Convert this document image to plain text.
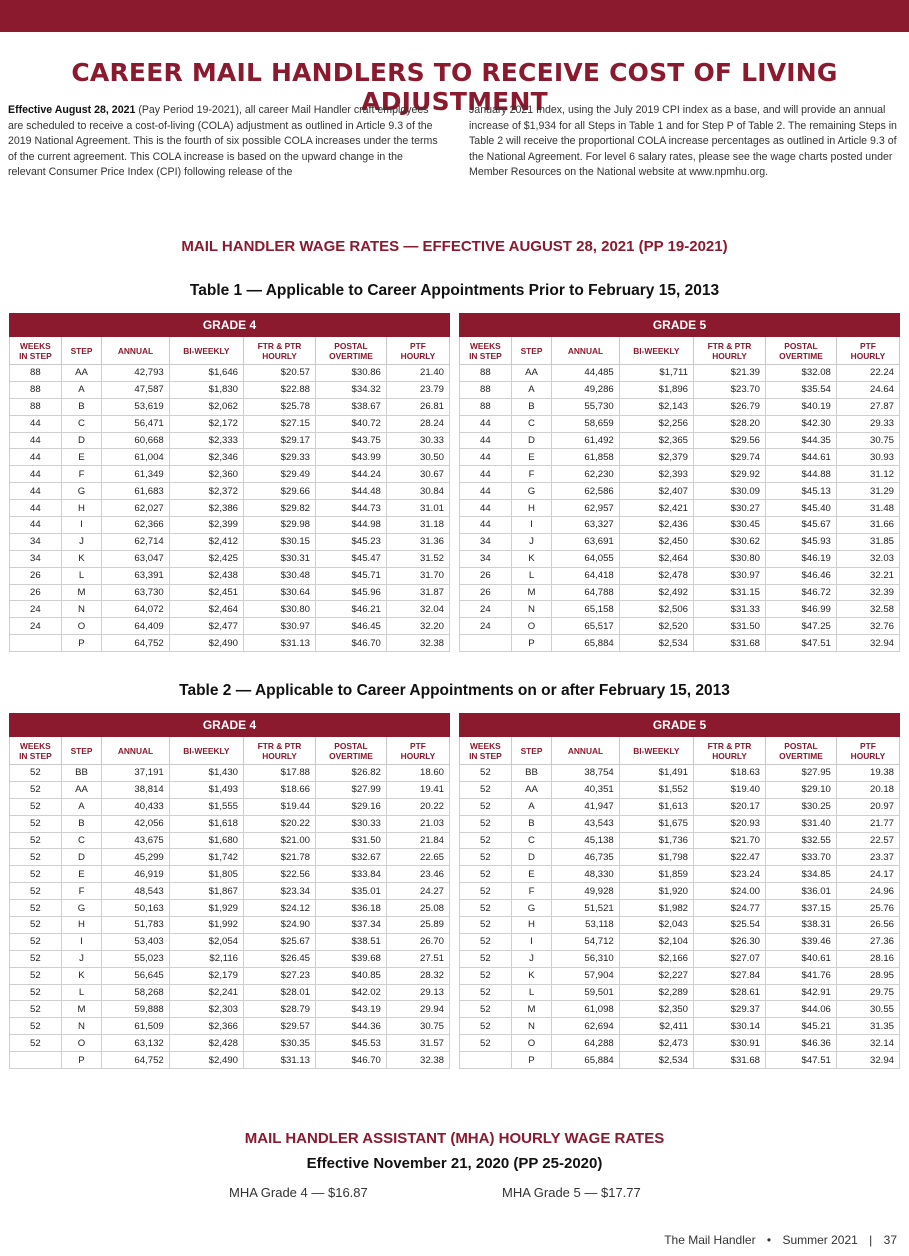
CAREER MAIL HANDLERS TO RECEIVE COST OF LIVING ADJUSTMENT

Effective August 28, 2021 (Pay Period 19-2021), all career Mail Handler craft employees are scheduled to receive a cost-of-living (COLA) adjustment as outlined in Article 9.3 of the 2019 National Agreement. This is the fourth of six possible COLA increases under the terms of the current agreement. This COLA increase is based on the upward change in the relevant Consumer Price Index (CPI) following release of the

January 2021 Index, using the July 2019 CPI index as a base, and will provide an annual increase of $1,934 for all Steps in Table 1 and for Step P of Table 2. The remaining Steps in Table 2 will receive the proportional COLA increase percentages as outlined in Article 9.3 of the National Agreement. For level 6 salary rates, please see the wage charts posted under Member Resources on the National website at www.npmhu.org.

MAIL HANDLER WAGE RATES — EFFECTIVE AUGUST 28, 2021 (PP 19-2021)
Table 1 — Applicable to Career Appointments Prior to February 15, 2013
GRADE 4						
WEEKS
IN STEP	STEP	ANNUAL	BI-WEEKLY	FTR & PTR
HOURLY	POSTAL
OVERTIME	PTF
HOURLY
88	AA	42,793	$1,646	$20.57	$30.86	21.40
88	A	47,587	$1,830	$22.88	$34.32	23.79
88	B	53,619	$2,062	$25.78	$38.67	26.81
44	C	56,471	$2,172	$27.15	$40.72	28.24
44	D	60,668	$2,333	$29.17	$43.75	30.33
44	E	61,004	$2,346	$29.33	$43.99	30.50
44	F	61,349	$2,360	$29.49	$44.24	30.67
44	G	61,683	$2,372	$29.66	$44.48	30.84
44	H	62,027	$2,386	$29.82	$44.73	31.01
44	I	62,366	$2,399	$29.98	$44.98	31.18
34	J	62,714	$2,412	$30.15	$45.23	31.36
34	K	63,047	$2,425	$30.31	$45.47	31.52
26	L	63,391	$2,438	$30.48	$45.71	31.70
26	M	63,730	$2,451	$30.64	$45.96	31.87
24	N	64,072	$2,464	$30.80	$46.21	32.04
24	O	64,409	$2,477	$30.97	$46.45	32.20
	P	64,752	$2,490	$31.13	$46.70	32.38
GRADE 5						
WEEKS
IN STEP	STEP	ANNUAL	BI-WEEKLY	FTR & PTR
HOURLY	POSTAL
OVERTIME	PTF
HOURLY
88	AA	44,485	$1,711	$21.39	$32.08	22.24
88	A	49,286	$1,896	$23.70	$35.54	24.64
88	B	55,730	$2,143	$26.79	$40.19	27.87
44	C	58,659	$2,256	$28.20	$42.30	29.33
44	D	61,492	$2,365	$29.56	$44.35	30.75
44	E	61,858	$2,379	$29.74	$44.61	30.93
44	F	62,230	$2,393	$29.92	$44.88	31.12
44	G	62,586	$2,407	$30.09	$45.13	31.29
44	H	62,957	$2,421	$30.27	$45.40	31.48
44	I	63,327	$2,436	$30.45	$45.67	31.66
34	J	63,691	$2,450	$30.62	$45.93	31.85
34	K	64,055	$2,464	$30.80	$46.19	32.03
26	L	64,418	$2,478	$30.97	$46.46	32.21
26	M	64,788	$2,492	$31.15	$46.72	32.39
24	N	65,158	$2,506	$31.33	$46.99	32.58
24	O	65,517	$2,520	$31.50	$47.25	32.76
	P	65,884	$2,534	$31.68	$47.51	32.94
Table 2 — Applicable to Career Appointments on or after February 15, 2013
GRADE 4						
WEEKS
IN STEP	STEP	ANNUAL	BI-WEEKLY	FTR & PTR
HOURLY	POSTAL
OVERTIME	PTF
HOURLY
52	BB	37,191	$1,430	$17.88	$26.82	18.60
52	AA	38,814	$1,493	$18.66	$27.99	19.41
52	A	40,433	$1,555	$19.44	$29.16	20.22
52	B	42,056	$1,618	$20.22	$30.33	21.03
52	C	43,675	$1,680	$21.00	$31.50	21.84
52	D	45,299	$1,742	$21.78	$32.67	22.65
52	E	46,919	$1,805	$22.56	$33.84	23.46
52	F	48,543	$1,867	$23.34	$35.01	24.27
52	G	50,163	$1,929	$24.12	$36.18	25.08
52	H	51,783	$1,992	$24.90	$37.34	25.89
52	I	53,403	$2,054	$25.67	$38.51	26.70
52	J	55,023	$2,116	$26.45	$39.68	27.51
52	K	56,645	$2,179	$27.23	$40.85	28.32
52	L	58,268	$2,241	$28.01	$42.02	29.13
52	M	59,888	$2,303	$28.79	$43.19	29.94
52	N	61,509	$2,366	$29.57	$44.36	30.75
52	O	63,132	$2,428	$30.35	$45.53	31.57
	P	64,752	$2,490	$31.13	$46.70	32.38
GRADE 5						
WEEKS
IN STEP	STEP	ANNUAL	BI-WEEKLY	FTR & PTR
HOURLY	POSTAL
OVERTIME	PTF
HOURLY
52	BB	38,754	$1,491	$18.63	$27.95	19.38
52	AA	40,351	$1,552	$19.40	$29.10	20.18
52	A	41,947	$1,613	$20.17	$30.25	20.97
52	B	43,543	$1,675	$20.93	$31.40	21.77
52	C	45,138	$1,736	$21.70	$32.55	22.57
52	D	46,735	$1,798	$22.47	$33.70	23.37
52	E	48,330	$1,859	$23.24	$34.85	24.17
52	F	49,928	$1,920	$24.00	$36.01	24.96
52	G	51,521	$1,982	$24.77	$37.15	25.76
52	H	53,118	$2,043	$25.54	$38.31	26.56
52	I	54,712	$2,104	$26.30	$39.46	27.36
52	J	56,310	$2,166	$27.07	$40.61	28.16
52	K	57,904	$2,227	$27.84	$41.76	28.95
52	L	59,501	$2,289	$28.61	$42.91	29.75
52	M	61,098	$2,350	$29.37	$44.06	30.55
52	N	62,694	$2,411	$30.14	$45.21	31.35
52	O	64,288	$2,473	$30.91	$46.36	32.14
	P	65,884	$2,534	$31.68	$47.51	32.94
MAIL HANDLER ASSISTANT (MHA) HOURLY WAGE RATES
Effective November 21, 2020 (PP 25-2020)
MHA Grade 4 — $16.87	MHA Grade 5 — $17.77
The Mail Handler • Summer 2021 | 37
